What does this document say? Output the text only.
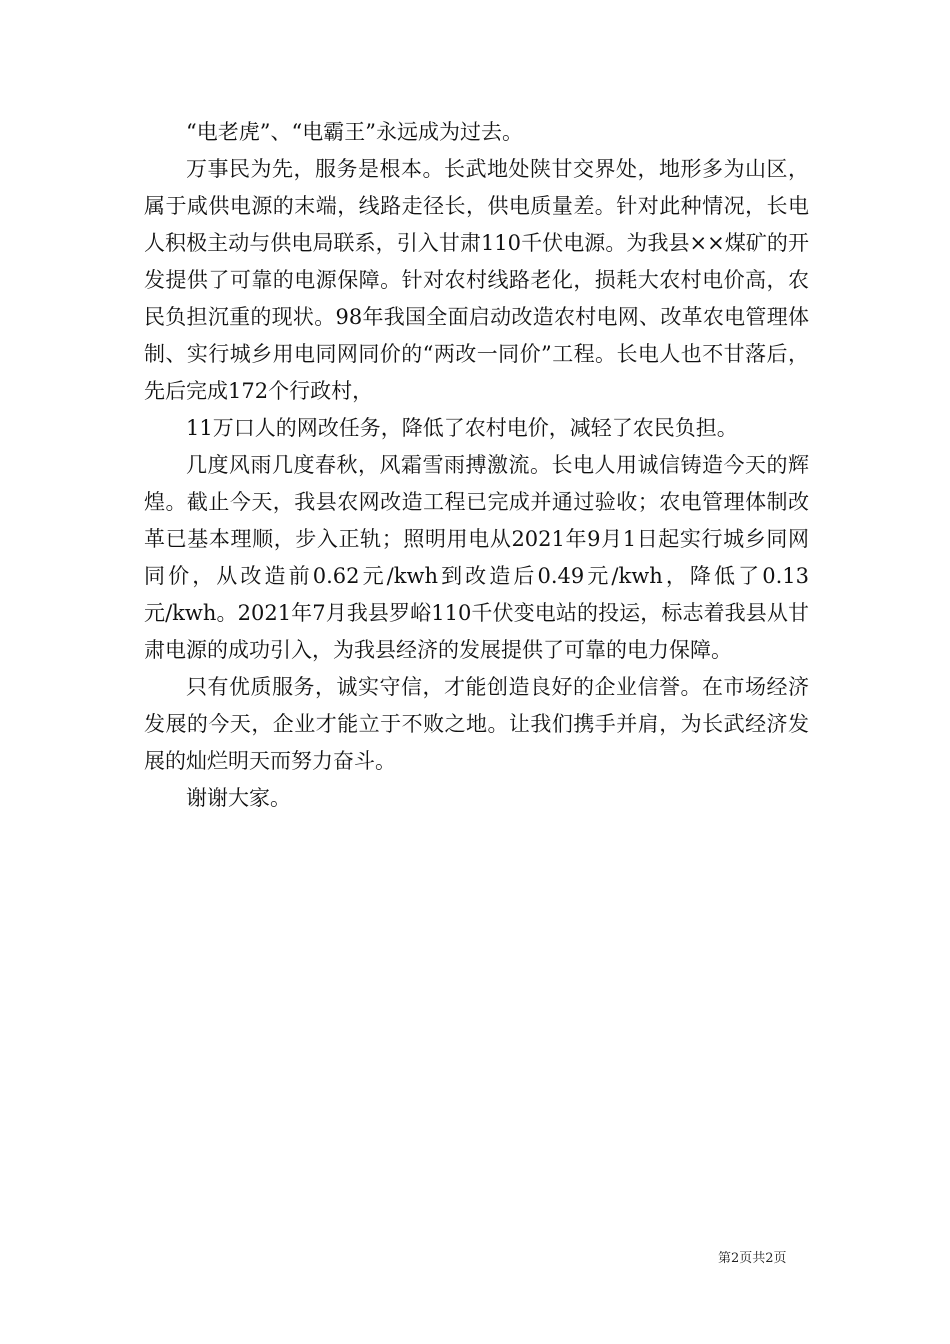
“电老虎”、“电霸王”永远成为过去。

万事民为先，服务是根本。长武地处陕甘交界处，地形多为山区，属于咸供电源的末端，线路走径长，供电质量差。针对此种情况，长电人积极主动与供电局联系，引入甘肃110千伏电源。为我县××煤矿的开发提供了可靠的电源保障。针对农村线路老化，损耗大农村电价高，农民负担沉重的现状。98年我国全面启动改造农村电网、改革农电管理体制、实行城乡用电同网同价的“两改一同价”工程。长电人也不甘落后，先后完成172个行政村，

11万口人的网改任务，降低了农村电价，减轻了农民负担。

几度风雨几度春秋，风霜雪雨搏激流。长电人用诚信铸造今天的辉煌。截止今天，我县农网改造工程已完成并通过验收；农电管理体制改革已基本理顺，步入正轨；照明用电从2021年9月1日起实行城乡同网同价，从改造前0.62元/kwh到改造后0.49元/kwh，降低了0.13元/kwh。2021年7月我县罗峪110千伏变电站的投运，标志着我县从甘肃电源的成功引入，为我县经济的发展提供了可靠的电力保障。

只有优质服务，诚实守信，才能创造良好的企业信誉。在市场经济发展的今天，企业才能立于不败之地。让我们携手并肩，为长武经济发展的灿烂明天而努力奋斗。

谢谢大家。

第2页共2页
